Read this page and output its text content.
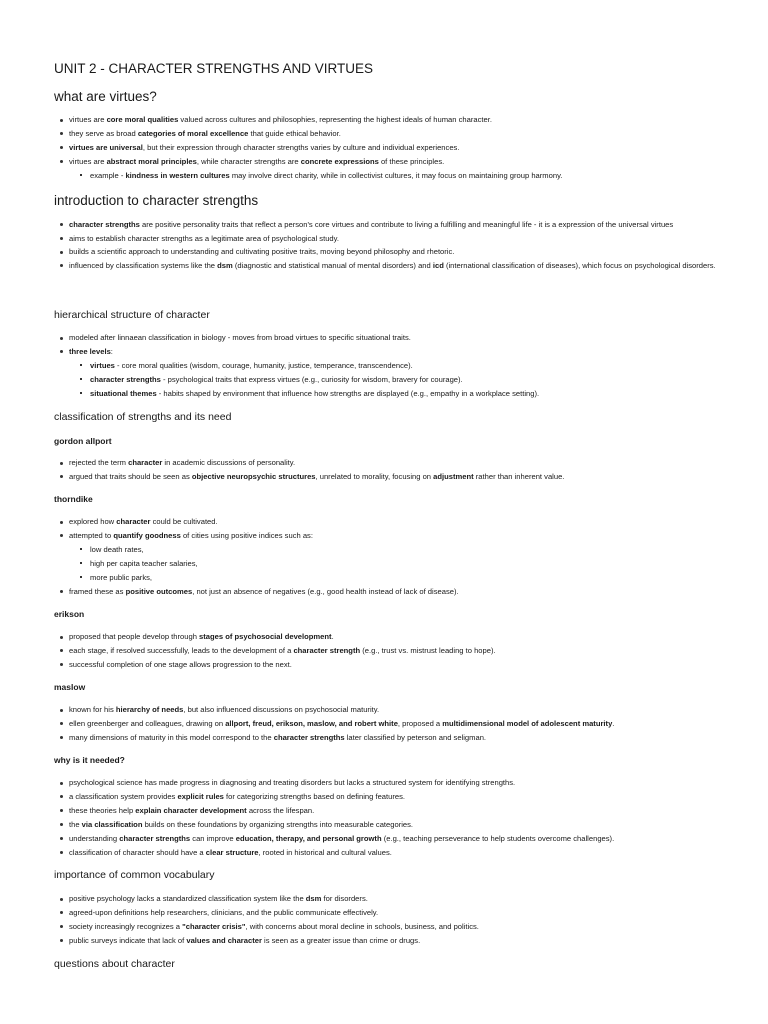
UNIT 2 - CHARACTER STRENGTHS AND VIRTUES
what are virtues?
virtues are core moral qualities valued across cultures and philosophies, representing the highest ideals of human character.
they serve as broad categories of moral excellence that guide ethical behavior.
virtues are universal, but their expression through character strengths varies by culture and individual experiences.
virtues are abstract moral principles, while character strengths are concrete expressions of these principles.
example - kindness in western cultures may involve direct charity, while in collectivist cultures, it may focus on maintaining group harmony.
introduction to character strengths
character strengths are positive personality traits that reflect a person's core virtues and contribute to living a fulfilling and meaningful life - it is a expression of the universal virtues
aims to establish character strengths as a legitimate area of psychological study.
builds a scientific approach to understanding and cultivating positive traits, moving beyond philosophy and rhetoric.
influenced by classification systems like the dsm (diagnostic and statistical manual of mental disorders) and icd (international classification of diseases), which focus on psychological disorders.
hierarchical structure of character
modeled after linnaean classification in biology - moves from broad virtues to specific situational traits.
three levels:
virtues - core moral qualities (wisdom, courage, humanity, justice, temperance, transcendence).
character strengths - psychological traits that express virtues (e.g., curiosity for wisdom, bravery for courage).
situational themes - habits shaped by environment that influence how strengths are displayed (e.g., empathy in a workplace setting).
classification of strengths and its need
gordon allport
rejected the term character in academic discussions of personality.
argued that traits should be seen as objective neuropsychic structures, unrelated to morality, focusing on adjustment rather than inherent value.
thorndike
explored how character could be cultivated.
attempted to quantify goodness of cities using positive indices such as:
low death rates,
high per capita teacher salaries,
more public parks,
framed these as positive outcomes, not just an absence of negatives (e.g., good health instead of lack of disease).
erikson
proposed that people develop through stages of psychosocial development.
each stage, if resolved successfully, leads to the development of a character strength (e.g., trust vs. mistrust leading to hope).
successful completion of one stage allows progression to the next.
maslow
known for his hierarchy of needs, but also influenced discussions on psychosocial maturity.
ellen greenberger and colleagues, drawing on allport, freud, erikson, maslow, and robert white, proposed a multidimensional model of adolescent maturity.
many dimensions of maturity in this model correspond to the character strengths later classified by peterson and seligman.
why is it needed?
psychological science has made progress in diagnosing and treating disorders but lacks a structured system for identifying strengths.
a classification system provides explicit rules for categorizing strengths based on defining features.
these theories help explain character development across the lifespan.
the via classification builds on these foundations by organizing strengths into measurable categories.
understanding character strengths can improve education, therapy, and personal growth (e.g., teaching perseverance to help students overcome challenges).
classification of character should have a clear structure, rooted in historical and cultural values.
importance of common vocabulary
positive psychology lacks a standardized classification system like the dsm for disorders.
agreed-upon definitions help researchers, clinicians, and the public communicate effectively.
society increasingly recognizes a "character crisis", with concerns about moral decline in schools, business, and politics.
public surveys indicate that lack of values and character is seen as a greater issue than crime or drugs.
questions about character
